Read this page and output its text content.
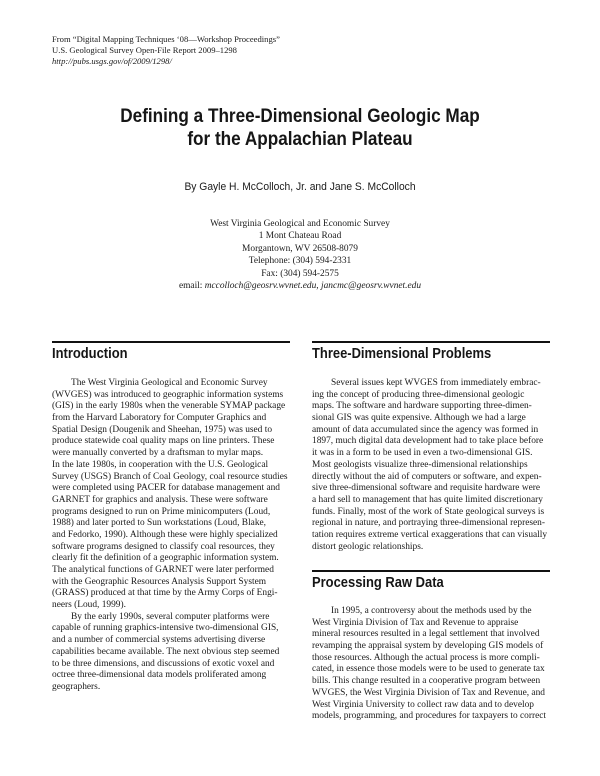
From “Digital Mapping Techniques ‘08—Workshop Proceedings”
U.S. Geological Survey Open-File Report 2009–1298
http://pubs.usgs.gov/of/2009/1298/
Defining a Three-Dimensional Geologic Map
for the Appalachian Plateau
By Gayle H. McColloch, Jr. and Jane S. McColloch
West Virginia Geological and Economic Survey
1 Mont Chateau Road
Morgantown, WV 26508-8079
Telephone: (304) 594-2331
Fax: (304) 594-2575
email: mccolloch@geosrv.wvnet.edu, jancmc@geosrv.wvnet.edu
Introduction
The West Virginia Geological and Economic Survey
(WVGES) was introduced to geographic information systems
(GIS) in the early 1980s when the venerable SYMAP package
from the Harvard Laboratory for Computer Graphics and
Spatial Design (Dougenik and Sheehan, 1975) was used to
produce statewide coal quality maps on line printers. These
were manually converted by a draftsman to mylar maps.
In the late 1980s, in cooperation with the U.S. Geological
Survey (USGS) Branch of Coal Geology, coal resource studies
were completed using PACER for database management and
GARNET for graphics and analysis. These were software
programs designed to run on Prime minicomputers (Loud,
1988) and later ported to Sun workstations (Loud, Blake,
and Fedorko, 1990). Although these were highly specialized
software programs designed to classify coal resources, they
clearly fit the definition of a geographic information system.
The analytical functions of GARNET were later performed
with the Geographic Resources Analysis Support System
(GRASS) produced at that time by the Army Corps of Engi-
neers (Loud, 1999).
By the early 1990s, several computer platforms were
capable of running graphics-intensive two-dimensional GIS,
and a number of commercial systems advertising diverse
capabilities became available. The next obvious step seemed
to be three dimensions, and discussions of exotic voxel and
octree three-dimensional data models proliferated among
geographers.
Three-Dimensional Problems
Several issues kept WVGES from immediately embrac-
ing the concept of producing three-dimensional geologic
maps. The software and hardware supporting three-dimen-
sional GIS was quite expensive. Although we had a large
amount of data accumulated since the agency was formed in
1897, much digital data development had to take place before
it was in a form to be used in even a two-dimensional GIS.
Most geologists visualize three-dimensional relationships
directly without the aid of computers or software, and expen-
sive three-dimensional software and requisite hardware were
a hard sell to management that has quite limited discretionary
funds. Finally, most of the work of State geological surveys is
regional in nature, and portraying three-dimensional represen-
tation requires extreme vertical exaggerations that can visually
distort geologic relationships.
Processing Raw Data
In 1995, a controversy about the methods used by the
West Virginia Division of Tax and Revenue to appraise
mineral resources resulted in a legal settlement that involved
revamping the appraisal system by developing GIS models of
those resources. Although the actual process is more compli-
cated, in essence those models were to be used to generate tax
bills. This change resulted in a cooperative program between
WVGES, the West Virginia Division of Tax and Revenue, and
West Virginia University to collect raw data and to develop
models, programming, and procedures for taxpayers to correct
